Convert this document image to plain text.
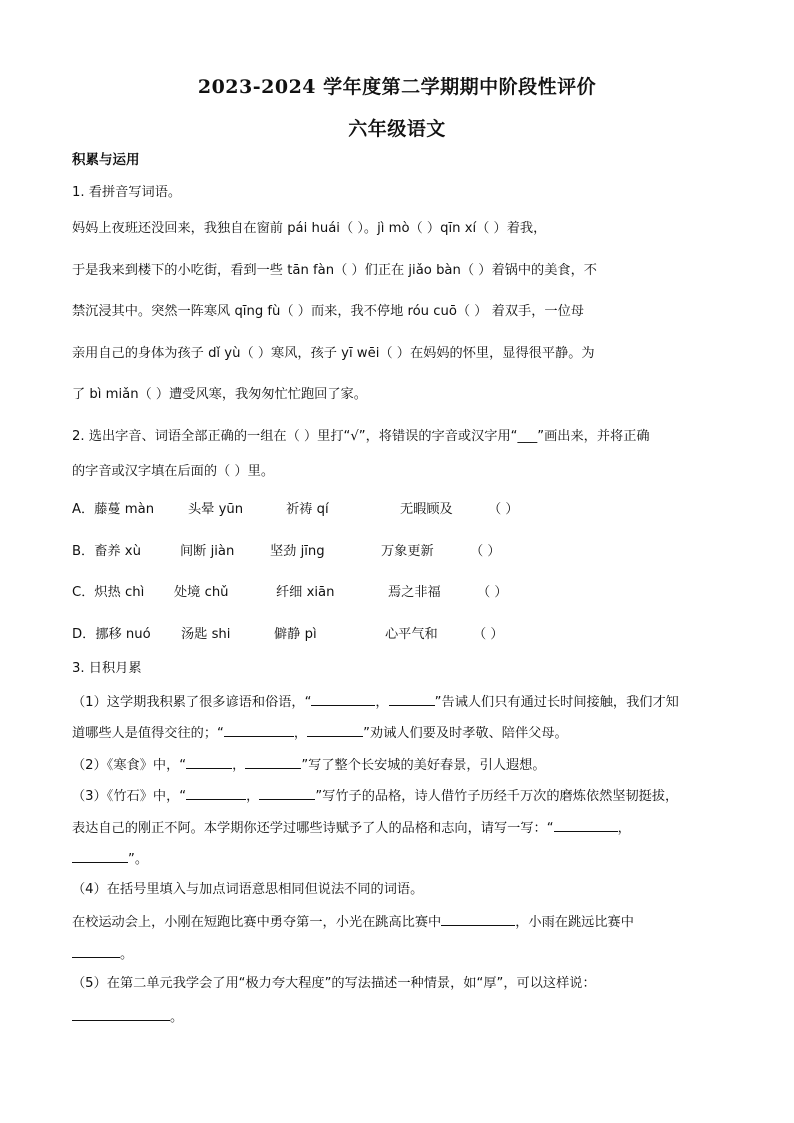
2023-2024 学年度第二学期期中阶段性评价
六年级语文
积累与运用
1. 看拼音写词语。
妈妈上夜班还没回来，我独自在窗前 pái huái（ ）。jì mò（ ）qīn xí（ ）着我，
于是我来到楼下的小吃街，看到一些 tān fàn（ ）们正在 jiǎo bàn（ ）着锅中的美食，不
禁沉浸其中。突然一阵寒风 qīng fù（ ）而来，我不停地 róu cuō（ ） 着双手，一位母
亲用自己的身体为孩子 dǐ yù（ ）寒风，孩子 yī wēi（ ）在妈妈的怀里，显得很平静。为
了 bì miǎn（ ）遭受风寒，我匆匆忙忙跑回了家。
2. 选出字音、词语全部正确的一组在（ ）里打“√”，将错误的字音或汉字用“___”画出来，并将正确
的字音或汉字填在后面的（ ）里。
A．藤蔓 màn	头晕 yūn	祈祷 qí	无暇顾及	（ ）
B．畜养 xù	间断 jiàn	坚劲 jīng	万象更新	（ ）
C．炽热 chì 处境 chǔ	纤细 xiān	焉之非福	（ ）
D．挪移 nuó 汤匙 shi	僻静 pì	心平气和	（ ）
3. 日积月累
（1）这学期我积累了很多谚语和俗语，“	，	”告诫人们只有通过长时间接触，我们才知
道哪些人是值得交往的；“	，	”劝诫人们要及时孝敬、陪伴父母。
（2）《寒食》中，“	，	”写了整个长安城的美好春景，引人遐想。
（3）《竹石》中，“	，	”写竹子的品格，诗人借竹子历经千万次的磨炼依然坚韧挺拔，
表达自己的刚正不阿。本学期你还学过哪些诗赋予了人的品格和志向，请写一写：“	，
”。
（4）在括号里填入与加点词语意思相同但说法不同的词语。
在校运动会上，小刚在短跑比赛中勇夺第一，小光在跳高比赛中	，小雨在跳远比赛中
。
（5）在第二单元我学会了用“极力夸大程度”的写法描述一种情景，如“厚”，可以这样说：
。
